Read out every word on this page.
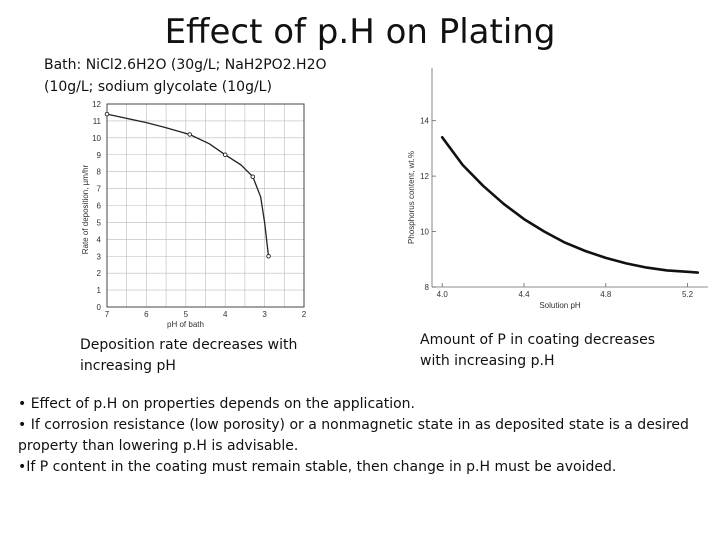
Effect of p.H on Plating
Bath: NiCl2.6H2O (30g/L; NaH2PO2.H2O
(10g/L; sodium glycolate (10g/L)
7	6	5	4	3	2
0
1
2
3
4
5
6
7
8
9
10
11
12
pH of bath
Rate of deposition, µm/hr
8
10
12
14
4.0	4.4	4.8	5.2
Solution pH
Phosphorus content, wt.%

Deposition rate decreases with increasing pH

Amount of P in coating decreases with increasing p.H

• Effect of p.H on properties depends on the application.
• If corrosion resistance (low porosity) or a nonmagnetic state in as deposited state is a desired property than lowering p.H is advisable.
•If P content in the coating must remain stable, then change in p.H must be avoided.
